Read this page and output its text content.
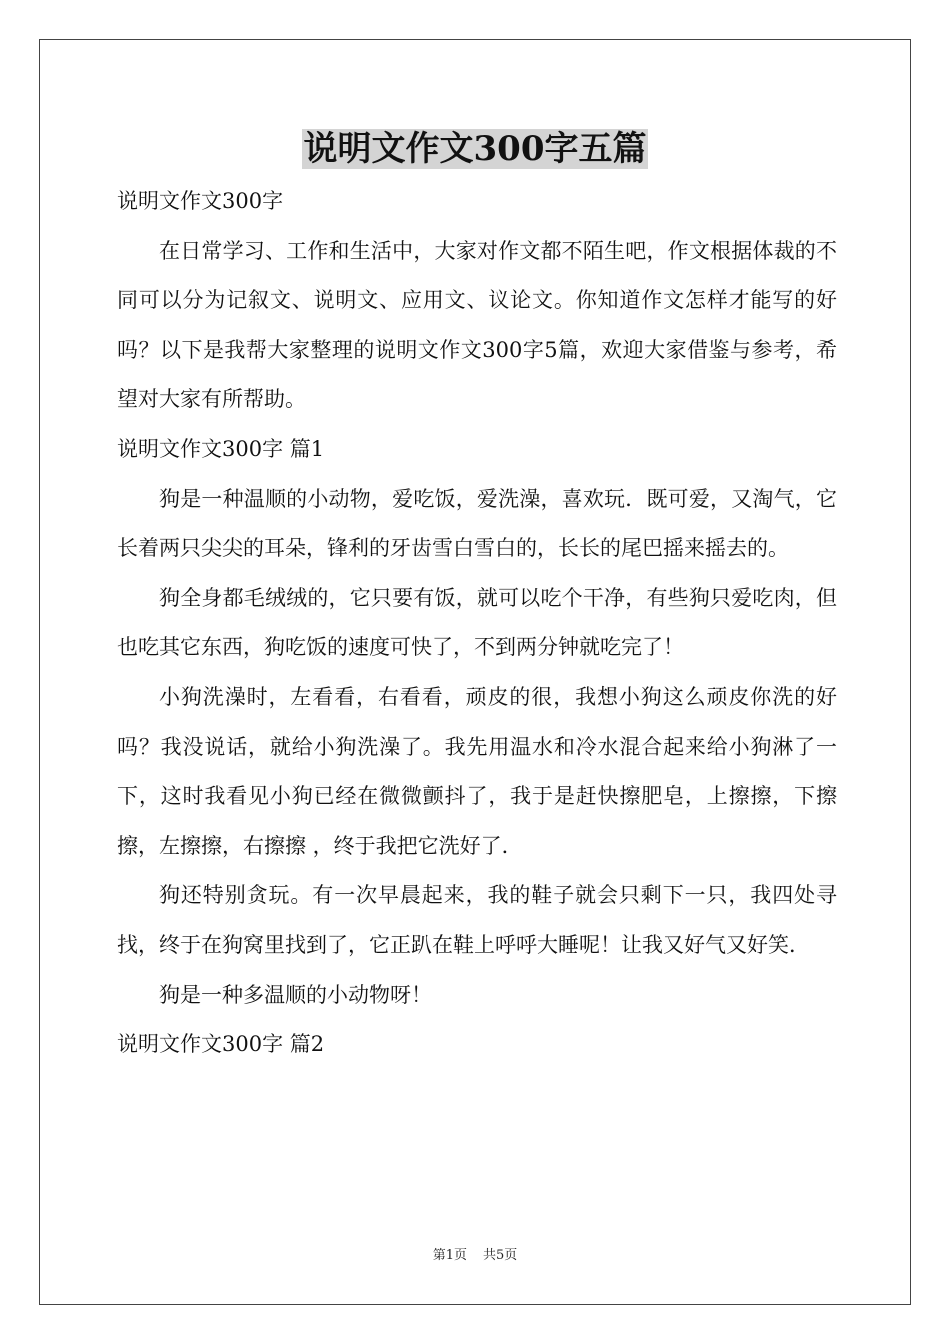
说明文作文300字五篇

说明文作文300字

在日常学习、工作和生活中，大家对作文都不陌生吧，作文根据体裁的不同可以分为记叙文、说明文、应用文、议论文。你知道作文怎样才能写的好吗？以下是我帮大家整理的说明文作文300字5篇，欢迎大家借鉴与参考，希望对大家有所帮助。

说明文作文300字 篇1

狗是一种温顺的小动物，爱吃饭，爱洗澡，喜欢玩．既可爱，又淘气，它长着两只尖尖的耳朵，锋利的牙齿雪白雪白的，长长的尾巴摇来摇去的。

狗全身都毛绒绒的，它只要有饭，就可以吃个干净，有些狗只爱吃肉，但也吃其它东西，狗吃饭的速度可快了，不到两分钟就吃完了！

小狗洗澡时，左看看，右看看，顽皮的很，我想小狗这么顽皮你洗的好吗？我没说话，就给小狗洗澡了。我先用温水和冷水混合起来给小狗淋了一下，这时我看见小狗已经在微微颤抖了，我于是赶快擦肥皂，上擦擦，下擦擦，左擦擦，右擦擦 ，终于我把它洗好了．

狗还特别贪玩。有一次早晨起来，我的鞋子就会只剩下一只，我四处寻找，终于在狗窝里找到了，它正趴在鞋上呼呼大睡呢！让我又好气又好笑．

狗是一种多温顺的小动物呀！

说明文作文300字 篇2

第1页 共5页
